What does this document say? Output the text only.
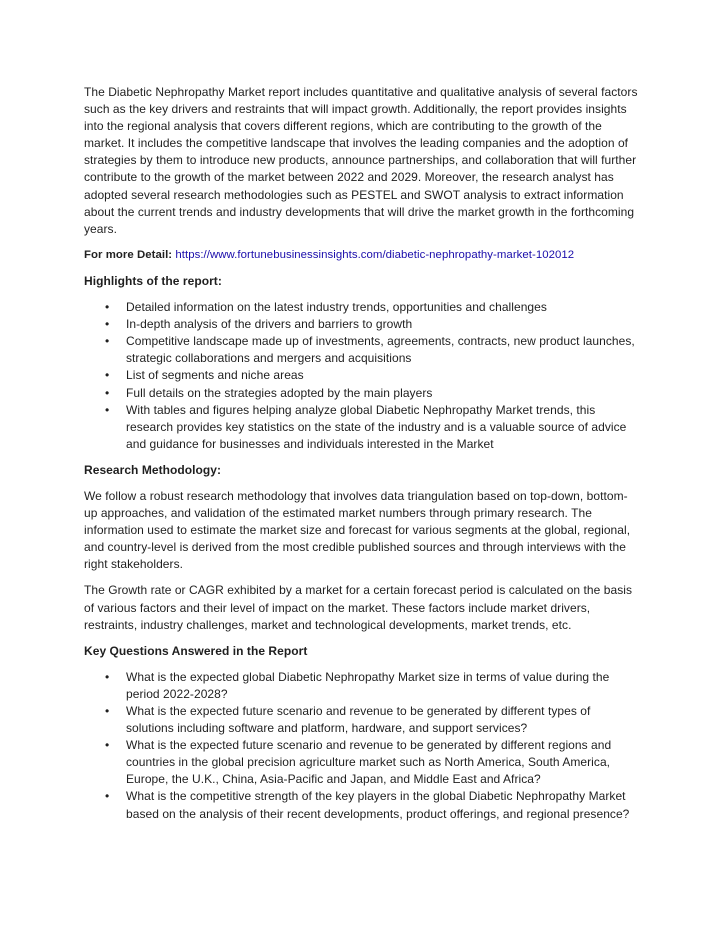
The Diabetic Nephropathy Market report includes quantitative and qualitative analysis of several factors such as the key drivers and restraints that will impact growth. Additionally, the report provides insights into the regional analysis that covers different regions, which are contributing to the growth of the market. It includes the competitive landscape that involves the leading companies and the adoption of strategies by them to introduce new products, announce partnerships, and collaboration that will further contribute to the growth of the market between 2022 and 2029. Moreover, the research analyst has adopted several research methodologies such as PESTEL and SWOT analysis to extract information about the current trends and industry developments that will drive the market growth in the forthcoming years.

For more Detail: https://www.fortunebusinessinsights.com/diabetic-nephropathy-market-102012

Highlights of the report:

• Detailed information on the latest industry trends, opportunities and challenges
• In-depth analysis of the drivers and barriers to growth
• Competitive landscape made up of investments, agreements, contracts, new product launches, strategic collaborations and mergers and acquisitions
• List of segments and niche areas
• Full details on the strategies adopted by the main players
• With tables and figures helping analyze global Diabetic Nephropathy Market trends, this research provides key statistics on the state of the industry and is a valuable source of advice and guidance for businesses and individuals interested in the Market

Research Methodology:

We follow a robust research methodology that involves data triangulation based on top-down, bottom-up approaches, and validation of the estimated market numbers through primary research. The information used to estimate the market size and forecast for various segments at the global, regional, and country-level is derived from the most credible published sources and through interviews with the right stakeholders.

The Growth rate or CAGR exhibited by a market for a certain forecast period is calculated on the basis of various factors and their level of impact on the market. These factors include market drivers, restraints, industry challenges, market and technological developments, market trends, etc.

Key Questions Answered in the Report

• What is the expected global Diabetic Nephropathy Market size in terms of value during the period 2022-2028?
• What is the expected future scenario and revenue to be generated by different types of solutions including software and platform, hardware, and support services?
• What is the expected future scenario and revenue to be generated by different regions and countries in the global precision agriculture market such as North America, South America, Europe, the U.K., China, Asia-Pacific and Japan, and Middle East and Africa?
• What is the competitive strength of the key players in the global Diabetic Nephropathy Market based on the analysis of their recent developments, product offerings, and regional presence?
